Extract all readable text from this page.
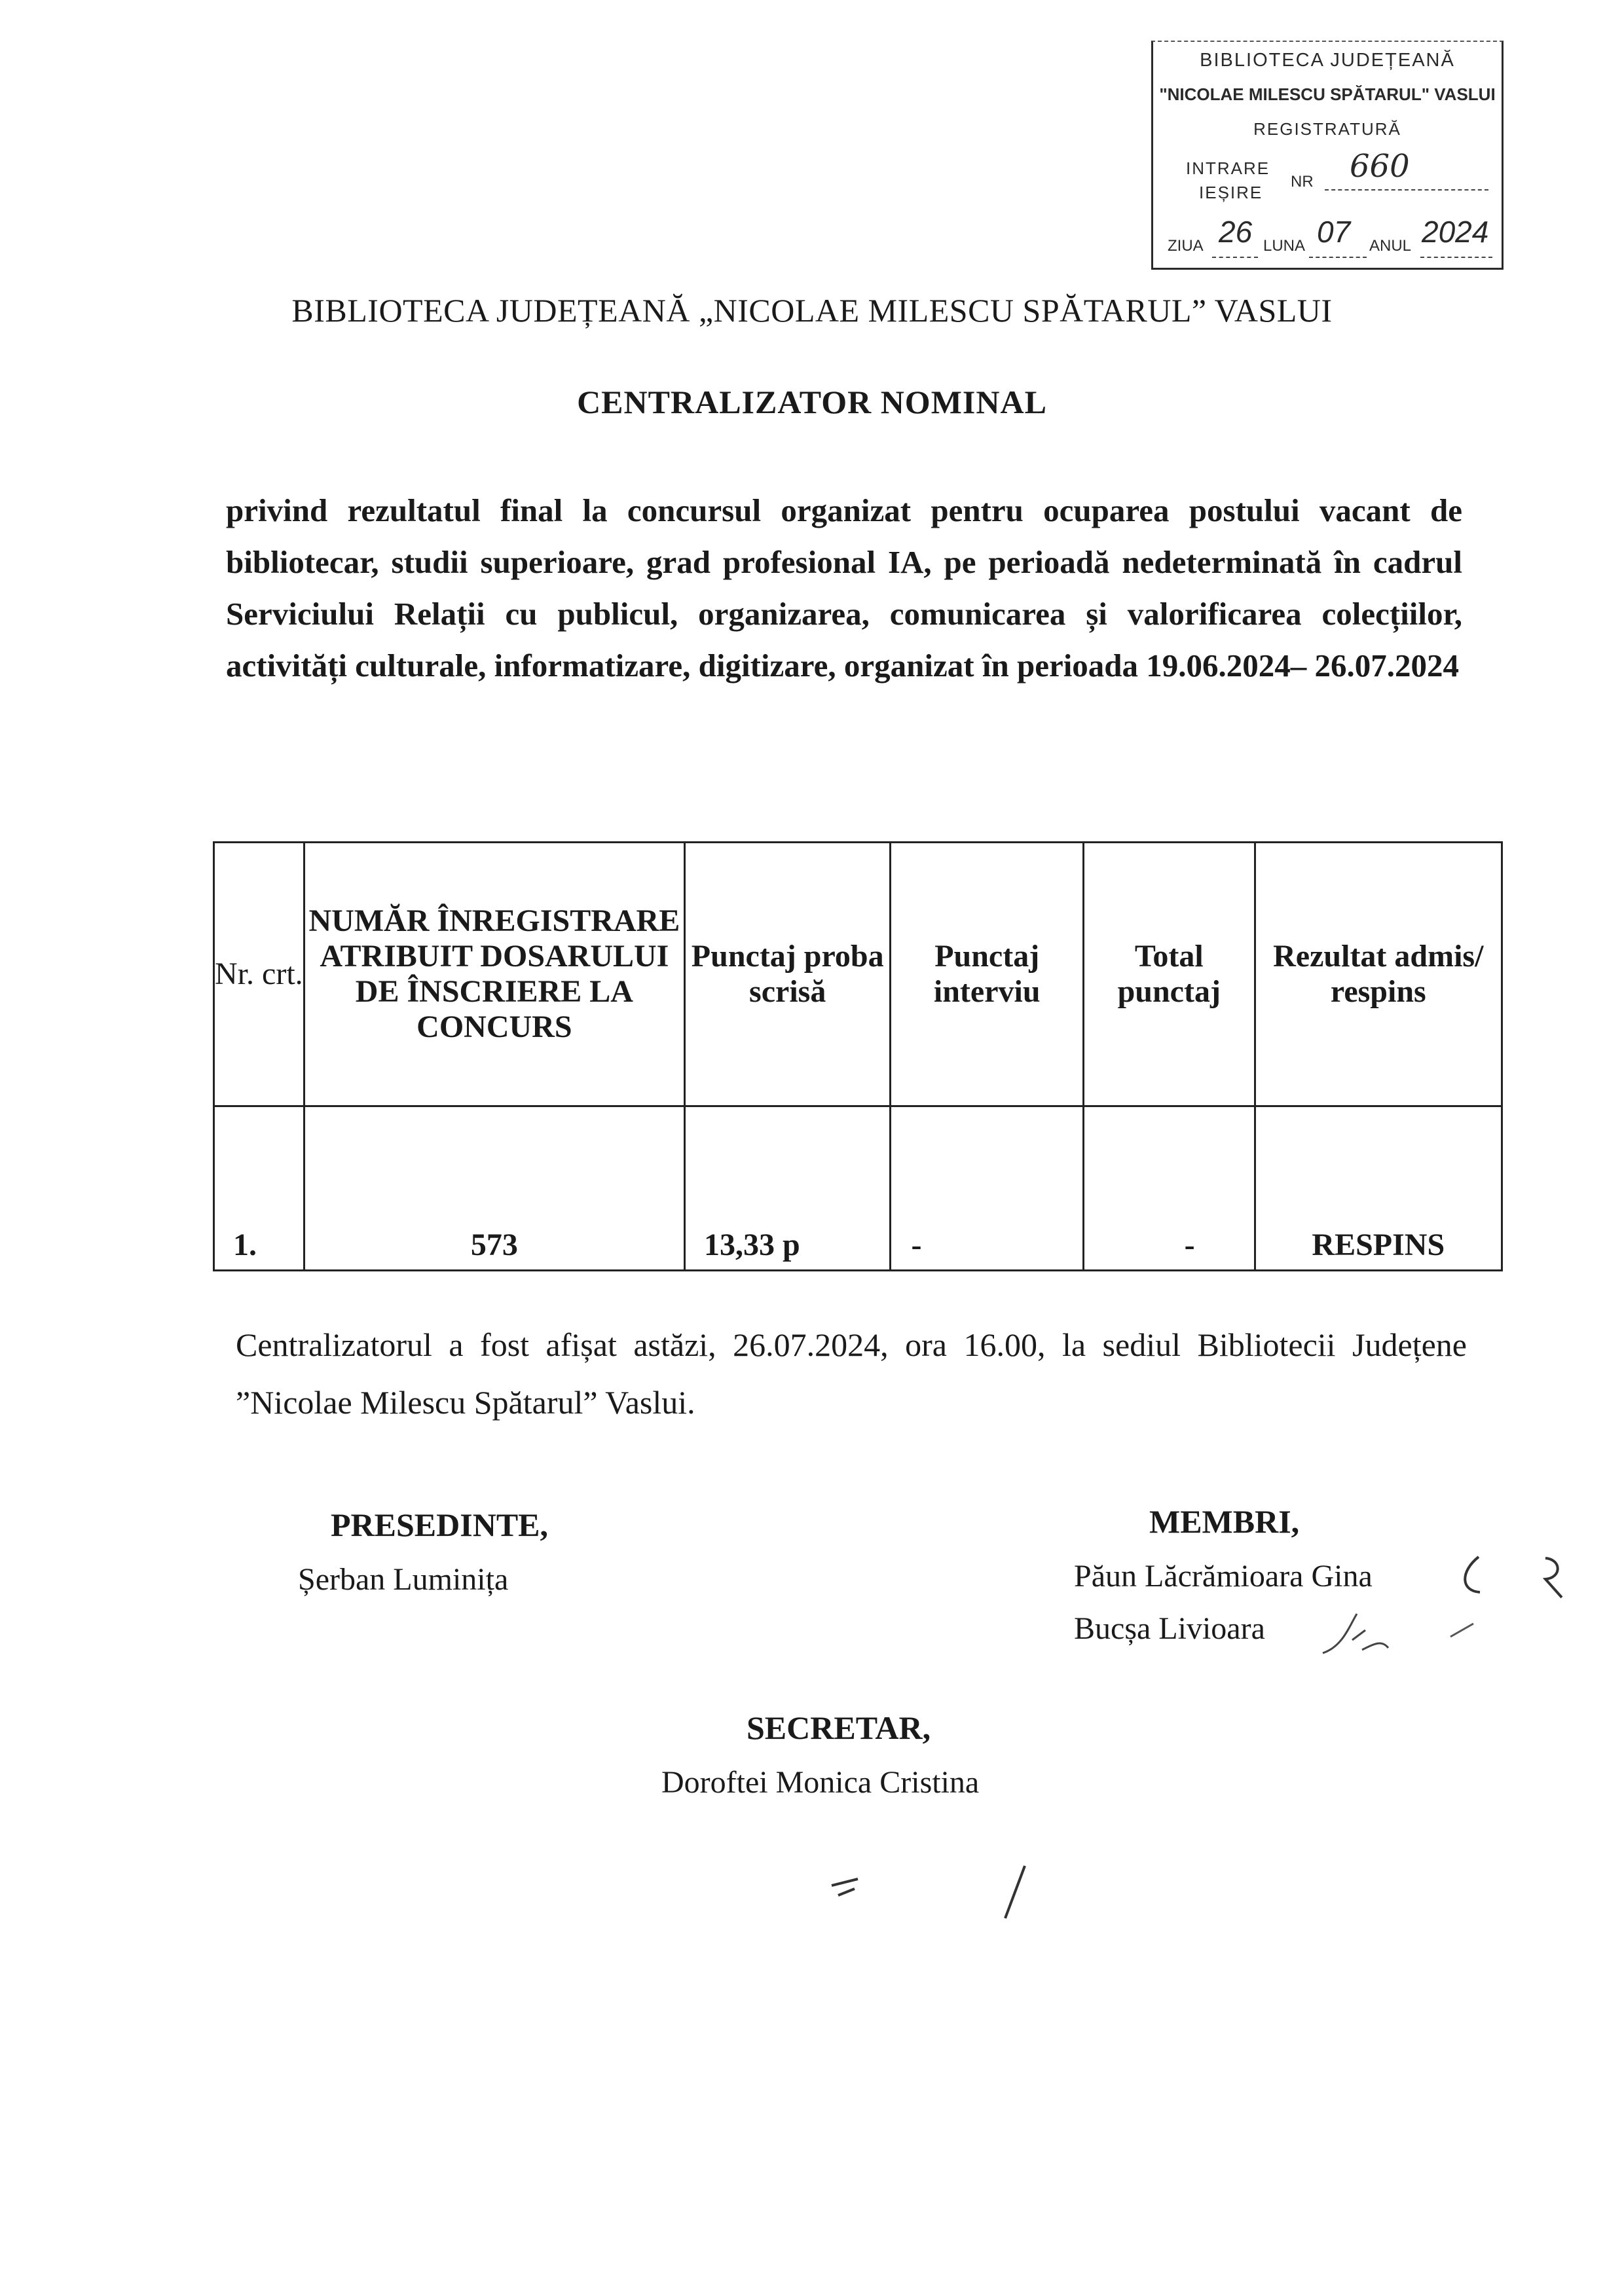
BIBLIOTECA JUDEȚEANĂ
"NICOLAE MILESCU SPĂTARUL" VASLUI
REGISTRATURĂ
INTRARE
IEȘIRE
NR 660
ZIUA 26 LUNA 07 ANUL 2024
BIBLIOTECA JUDEȚEANĂ „NICOLAE MILESCU SPĂTARUL” VASLUI
CENTRALIZATOR NOMINAL
privind rezultatul final la concursul organizat pentru ocuparea postului vacant de bibliotecar, studii superioare, grad profesional IA, pe perioadă nedeterminată în cadrul Serviciului Relații cu publicul, organizarea, comunicarea și valorificarea colecțiilor, activități culturale, informatizare, digitizare, organizat în perioada 19.06.2024– 26.07.2024
Nr. crt.	NUMĂR ÎNREGISTRARE ATRIBUIT DOSARULUI DE ÎNSCRIERE LA CONCURS	Punctaj proba scrisă	Punctaj interviu	Total punctaj	Rezultat admis/ respins
1.	573	13,33 p	-	-	RESPINS
Centralizatorul a fost afișat astăzi, 26.07.2024, ora 16.00, la sediul Bibliotecii Județene ”Nicolae Milescu Spătarul” Vaslui.
PRESEDINTE,
Șerban Luminița
MEMBRI,
Păun Lăcrămioara Gina
Bucșa Livioara
SECRETAR,
Doroftei Monica Cristina
